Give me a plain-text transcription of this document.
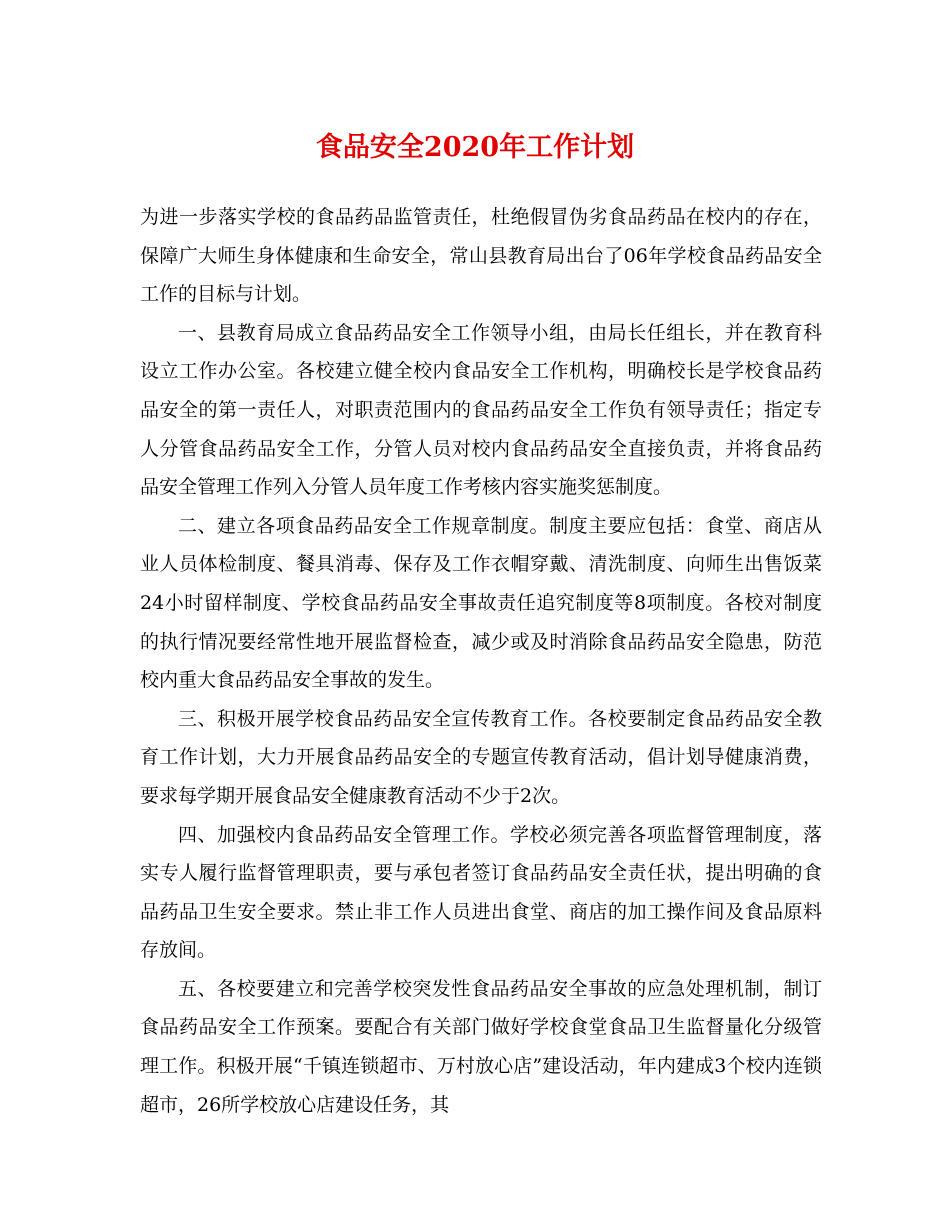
食品安全2020年工作计划

为进一步落实学校的食品药品监管责任，杜绝假冒伪劣食品药品在校内的存在，保障广大师生身体健康和生命安全，常山县教育局出台了06年学校食品药品安全工作的目标与计划。

一、县教育局成立食品药品安全工作领导小组，由局长任组长，并在教育科设立工作办公室。各校建立健全校内食品安全工作机构，明确校长是学校食品药品安全的第一责任人，对职责范围内的食品药品安全工作负有领导责任；指定专人分管食品药品安全工作，分管人员对校内食品药品安全直接负责，并将食品药品安全管理工作列入分管人员年度工作考核内容实施奖惩制度。

二、建立各项食品药品安全工作规章制度。制度主要应包括：食堂、商店从业人员体检制度、餐具消毒、保存及工作衣帽穿戴、清洗制度、向师生出售饭菜24小时留样制度、学校食品药品安全事故责任追究制度等8项制度。各校对制度的执行情况要经常性地开展监督检查，减少或及时消除食品药品安全隐患，防范校内重大食品药品安全事故的发生。

三、积极开展学校食品药品安全宣传教育工作。各校要制定食品药品安全教育工作计划，大力开展食品药品安全的专题宣传教育活动，倡计划导健康消费，要求每学期开展食品安全健康教育活动不少于2次。

四、加强校内食品药品安全管理工作。学校必须完善各项监督管理制度，落实专人履行监督管理职责，要与承包者签订食品药品安全责任状，提出明确的食品药品卫生安全要求。禁止非工作人员进出食堂、商店的加工操作间及食品原料存放间。

五、各校要建立和完善学校突发性食品药品安全事故的应急处理机制，制订食品药品安全工作预案。要配合有关部门做好学校食堂食品卫生监督量化分级管理工作。积极开展“千镇连锁超市、万村放心店”建设活动，年内建成3个校内连锁超市，26所学校放心店建设任务，其
